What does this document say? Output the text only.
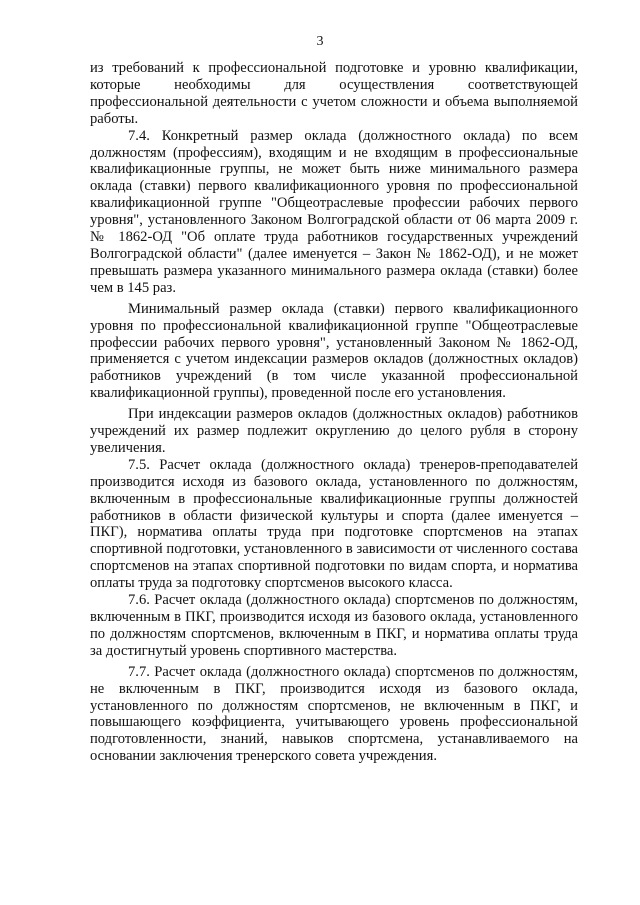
3

из требований к профессиональной подготовке и уровню квалификации, которые необходимы для осуществления соответствующей профессиональной деятельности с учетом сложности и объема выполняемой работы.

7.4. Конкретный размер оклада (должностного оклада) по всем должностям (профессиям), входящим и не входящим в профессиональные квалификационные группы, не может быть ниже минимального размера оклада (ставки) первого квалификационного уровня по профессиональной квалификационной группе "Общеотраслевые профессии рабочих первого уровня", установленного Законом Волгоградской области от 06 марта 2009 г. № 1862-ОД "Об оплате труда работников государственных учреждений Волгоградской области" (далее именуется – Закон № 1862-ОД), и не может превышать размера указанного минимального размера оклада (ставки) более чем в 145 раз.

Минимальный размер оклада (ставки) первого квалификационного уровня по профессиональной квалификационной группе "Общеотраслевые профессии рабочих первого уровня", установленный Законом № 1862-ОД, применяется с учетом индексации размеров окладов (должностных окладов) работников учреждений (в том числе указанной профессиональной квалификационной группы), проведенной после его установления.

При индексации размеров окладов (должностных окладов) работников учреждений их размер подлежит округлению до целого рубля в сторону увеличения.

7.5. Расчет оклада (должностного оклада) тренеров-преподавателей производится исходя из базового оклада, установленного по должностям, включенным в профессиональные квалификационные группы должностей работников в области физической культуры и спорта (далее именуется – ПКГ), норматива оплаты труда при подготовке спортсменов на этапах спортивной подготовки, установленного в зависимости от численного состава спортсменов на этапах спортивной подготовки по видам спорта, и норматива оплаты труда за подготовку спортсменов высокого класса.

7.6. Расчет оклада (должностного оклада) спортсменов по должностям, включенным в ПКГ, производится исходя из базового оклада, установленного по должностям спортсменов, включенным в ПКГ, и норматива оплаты труда за достигнутый уровень спортивного мастерства.

7.7. Расчет оклада (должностного оклада) спортсменов по должностям, не включенным в ПКГ, производится исходя из базового оклада, установленного по должностям спортсменов, не включенным в ПКГ, и повышающего коэффициента, учитывающего уровень профессиональной подготовленности, знаний, навыков спортсмена, устанавливаемого на основании заключения тренерского совета учреждения.
